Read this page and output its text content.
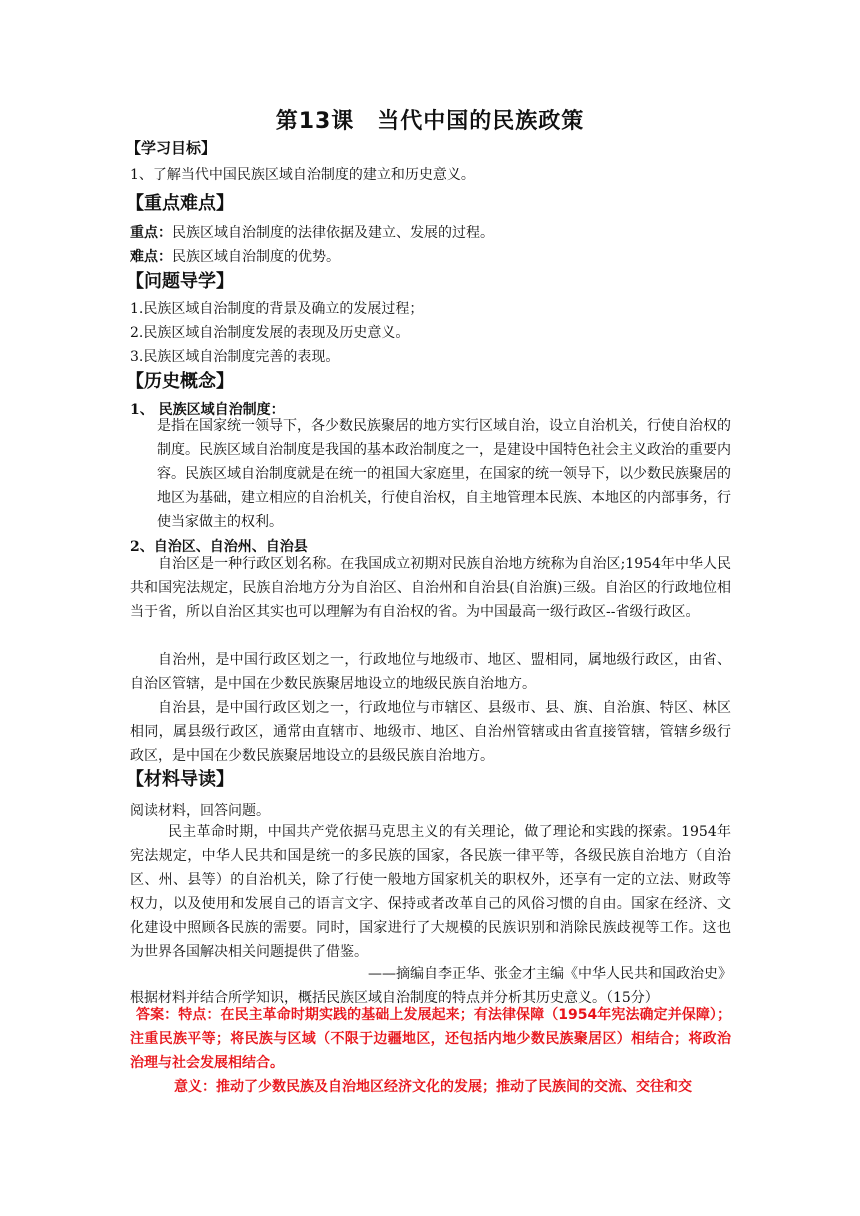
第13课　当代中国的民族政策
【学习目标】
1、了解当代中国民族区域自治制度的建立和历史意义。
【重点难点】
重点：民族区域自治制度的法律依据及建立、发展的过程。
难点：民族区域自治制度的优势。
【问题导学】
1.民族区域自治制度的背景及确立的发展过程；
2.民族区域自治制度发展的表现及历史意义。
3.民族区域自治制度完善的表现。
【历史概念】
1、 民族区域自治制度：
是指在国家统一领导下，各少数民族聚居的地方实行区域自治，设立自治机关，行使自治权的制度。民族区域自治制度是我国的基本政治制度之一，是建设中国特色社会主义政治的重要内容。民族区域自治制度就是在统一的祖国大家庭里，在国家的统一领导下，以少数民族聚居的地区为基础，建立相应的自治机关，行使自治权，自主地管理本民族、本地区的内部事务，行使当家做主的权利。
2、自治区、自治州、自治县
自治区是一种行政区划名称。在我国成立初期对民族自治地方统称为自治区;1954年中华人民共和国宪法规定，民族自治地方分为自治区、自治州和自治县(自治旗)三级。自治区的行政地位相当于省，所以自治区其实也可以理解为有自治权的省。为中国最高一级行政区--省级行政区。
自治州，是中国行政区划之一，行政地位与地级市、地区、盟相同，属地级行政区，由省、自治区管辖，是中国在少数民族聚居地设立的地级民族自治地方。
自治县，是中国行政区划之一，行政地位与市辖区、县级市、县、旗、自治旗、特区、林区相同，属县级行政区，通常由直辖市、地级市、地区、自治州管辖或由省直接管辖，管辖乡级行政区，是中国在少数民族聚居地设立的县级民族自治地方。
【材料导读】
阅读材料，回答问题。
民主革命时期，中国共产党依据马克思主义的有关理论，做了理论和实践的探索。1954年宪法规定，中华人民共和国是统一的多民族的国家，各民族一律平等，各级民族自治地方（自治区、州、县等）的自治机关，除了行使一般地方国家机关的职权外，还享有一定的立法、财政等权力，以及使用和发展自己的语言文字、保持或者改革自己的风俗习惯的自由。国家在经济、文化建设中照顾各民族的需要。同时，国家进行了大规模的民族识别和消除民族歧视等工作。这也为世界各国解决相关问题提供了借鉴。
——摘编自李正华、张金才主编《中华人民共和国政治史》
根据材料并结合所学知识，概括民族区域自治制度的特点并分析其历史意义。（15分）
答案：特点：在民主革命时期实践的基础上发展起来；有法律保障（1954年宪法确定并保障）；注重民族平等；将民族与区域（不限于边疆地区，还包括内地少数民族聚居区）相结合；将政治治理与社会发展相结合。
意义：推动了少数民族及自治地区经济文化的发展；推动了民族间的交流、交往和交
